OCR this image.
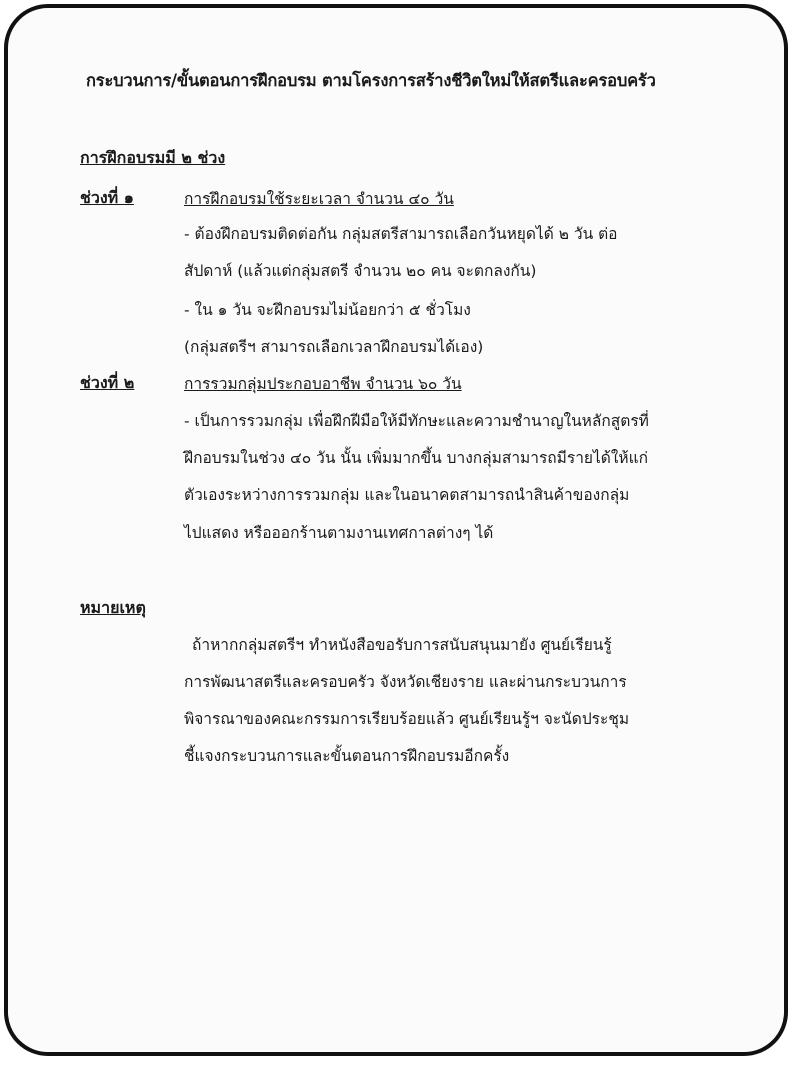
กระบวนการ/ขั้นตอนการฝึกอบรม ตามโครงการสร้างชีวิตใหม่ให้สตรีและครอบครัว
การฝึกอบรมมี ๒ ช่วง
ช่วงที่ ๑	การฝึกอบรมใช้ระยะเวลา จำนวน ๔๐ วัน
- ต้องฝึกอบรมติดต่อกัน กลุ่มสตรีสามารถเลือกวันหยุดได้ ๒ วัน ต่อ
สัปดาห์ (แล้วแต่กลุ่มสตรี จำนวน ๒๐ คน จะตกลงกัน)
- ใน ๑ วัน จะฝึกอบรมไม่น้อยกว่า ๕ ชั่วโมง
(กลุ่มสตรีฯ สามารถเลือกเวลาฝึกอบรมได้เอง)
ช่วงที่ ๒	การรวมกลุ่มประกอบอาชีพ จำนวน ๖๐ วัน
- เป็นการรวมกลุ่ม เพื่อฝึกฝีมือให้มีทักษะและความชำนาญในหลักสูตรที่
ฝึกอบรมในช่วง ๔๐ วัน นั้น เพิ่มมากขึ้น บางกลุ่มสามารถมีรายได้ให้แก่
ตัวเองระหว่างการรวมกลุ่ม และในอนาคตสามารถนำสินค้าของกลุ่ม
ไปแสดง หรือออกร้านตามงานเทศกาลต่างๆ ได้
หมายเหตุ
ถ้าหากกลุ่มสตรีฯ ทำหนังสือขอรับการสนับสนุนมายัง ศูนย์เรียนรู้
การพัฒนาสตรีและครอบครัว จังหวัดเชียงราย และผ่านกระบวนการ
พิจารณาของคณะกรรมการเรียบร้อยแล้ว ศูนย์เรียนรู้ฯ จะนัดประชุม
ชี้แจงกระบวนการและขั้นตอนการฝึกอบรมอีกครั้ง
